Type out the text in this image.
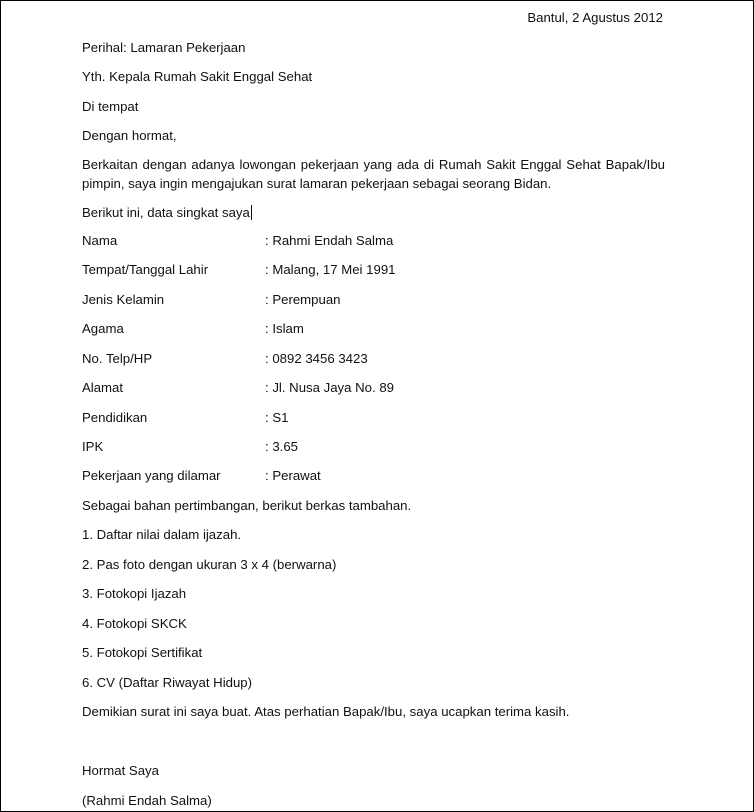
Bantul, 2 Agustus 2012
Perihal: Lamaran Pekerjaan
Yth. Kepala Rumah Sakit Enggal Sehat
Di tempat
Dengan hormat,
Berkaitan dengan adanya lowongan pekerjaan yang ada di Rumah Sakit Enggal Sehat Bapak/Ibu pimpin, saya ingin mengajukan surat lamaran pekerjaan sebagai seorang Bidan.
Berikut ini, data singkat saya
Nama	: Rahmi Endah Salma
Tempat/Tanggal Lahir	: Malang, 17 Mei 1991
Jenis Kelamin	: Perempuan
Agama	: Islam
No. Telp/HP	: 0892 3456 3423
Alamat	: Jl. Nusa Jaya No. 89
Pendidikan	: S1
IPK	: 3.65
Pekerjaan yang dilamar	: Perawat
Sebagai bahan pertimbangan, berikut berkas tambahan.
1. Daftar nilai dalam ijazah.
2. Pas foto dengan ukuran 3 x 4 (berwarna)
3. Fotokopi Ijazah
4. Fotokopi SKCK
5. Fotokopi Sertifikat
6. CV (Daftar Riwayat Hidup)
Demikian surat ini saya buat. Atas perhatian Bapak/Ibu, saya ucapkan terima kasih.
Hormat Saya
(Rahmi Endah Salma)
